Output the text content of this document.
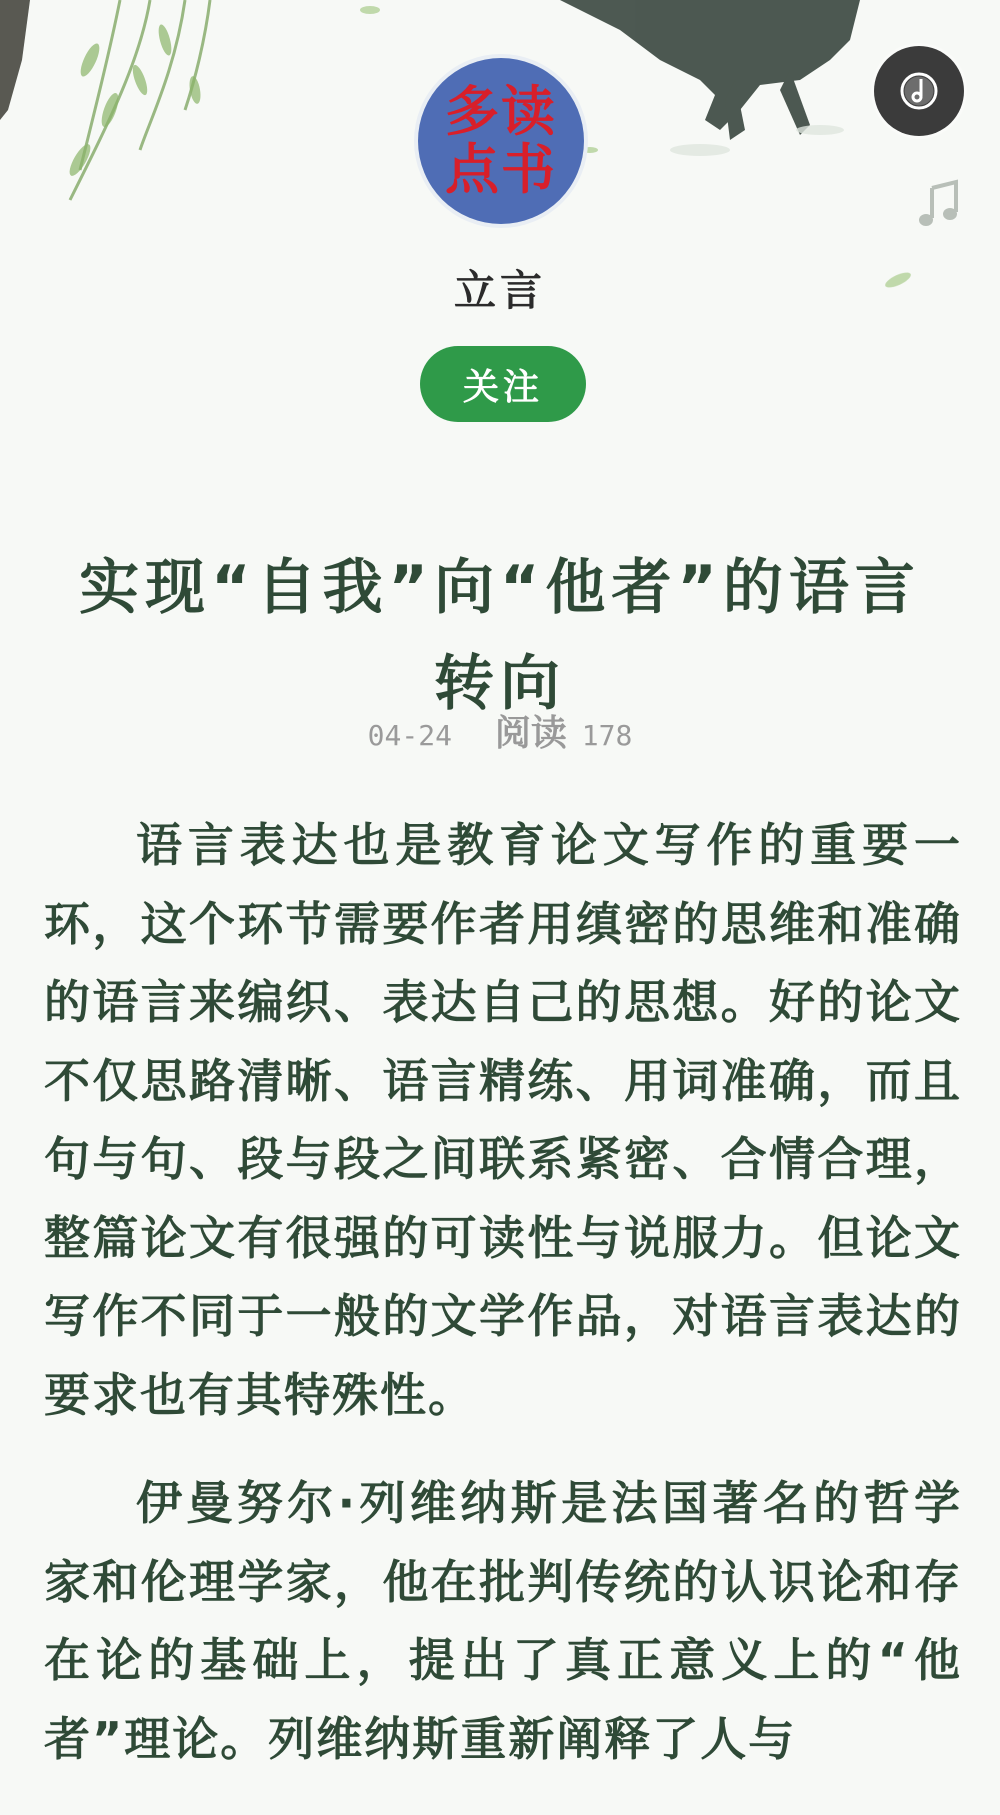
多读
点书
立言
关注
实现“自我”向“他者”的语言转向
04-24 阅读 178

语言表达也是教育论文写作的重要一环，这个环节需要作者用缜密的思维和准确的语言来编织、表达自己的思想。好的论文不仅思路清晰、语言精练、用词准确，而且句与句、段与段之间联系紧密、合情合理，整篇论文有很强的可读性与说服力。但论文写作不同于一般的文学作品，对语言表达的要求也有其特殊性。

伊曼努尔·列维纳斯是法国著名的哲学家和伦理学家，他在批判传统的认识论和存在论的基础上，提出了真正意义上的“他者”理论。列维纳斯重新阐释了人与
